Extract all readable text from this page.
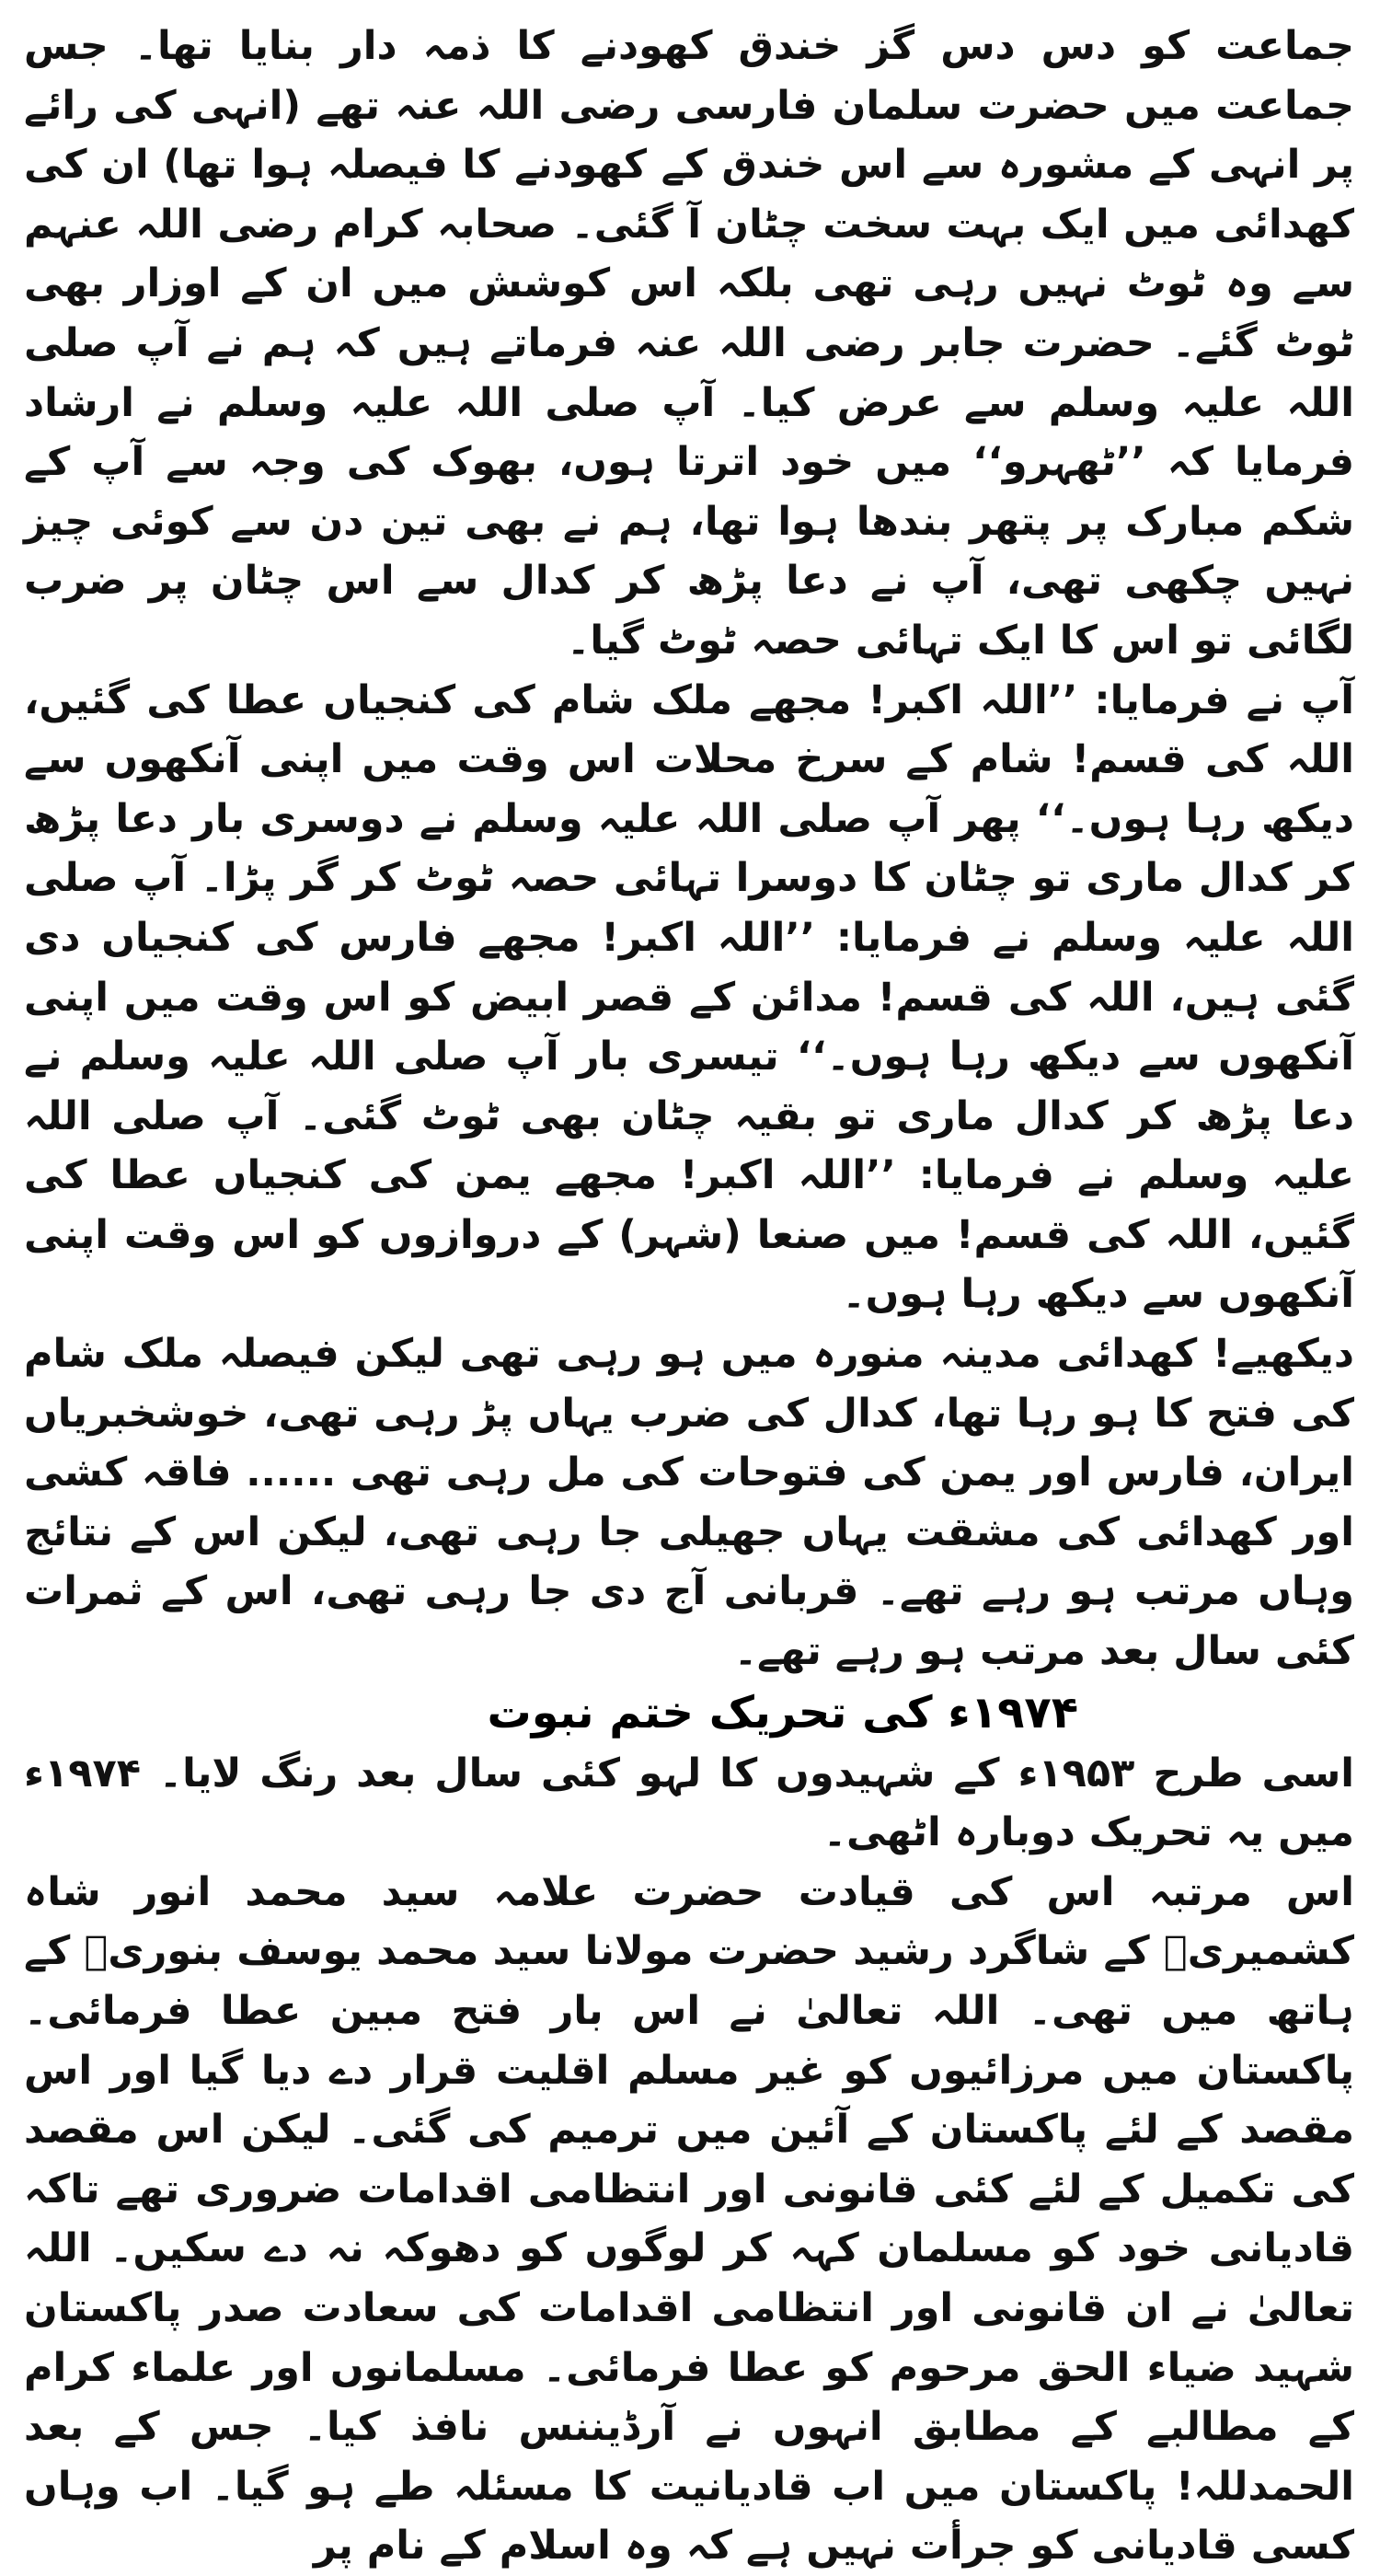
جماعت کو دس دس گز خندق کھودنے کا ذمہ دار بنایا تھا۔ جس جماعت میں حضرت سلمان فارسی رضی اللہ عنہ تھے (انہی کی رائے پر انہی کے مشورہ سے اس خندق کے کھودنے کا فیصلہ ہوا تھا) ان کی کھدائی میں ایک بہت سخت چٹان آ گئی۔ صحابہ کرام رضی اللہ عنہم سے وہ ٹوٹ نہیں رہی تھی بلکہ اس کوشش میں ان کے اوزار بھی ٹوٹ گئے۔ حضرت جابر رضی اللہ عنہ فرماتے ہیں کہ ہم نے آپ صلی اللہ علیہ وسلم سے عرض کیا۔ آپ صلی اللہ علیہ وسلم نے ارشاد فرمایا کہ ’’ٹھہرو‘‘ میں خود اترتا ہوں، بھوک کی وجہ سے آپ کے شکم مبارک پر پتھر بندھا ہوا تھا، ہم نے بھی تین دن سے کوئی چیز نہیں چکھی تھی، آپ نے دعا پڑھ کر کدال سے اس چٹان پر ضرب لگائی تو اس کا ایک تہائی حصہ ٹوٹ گیا۔

آپ نے فرمایا: ’’اللہ اکبر! مجھے ملک شام کی کنجیاں عطا کی گئیں، اللہ کی قسم! شام کے سرخ محلات اس وقت میں اپنی آنکھوں سے دیکھ رہا ہوں۔‘‘ پھر آپ صلی اللہ علیہ وسلم نے دوسری بار دعا پڑھ کر کدال ماری تو چٹان کا دوسرا تہائی حصہ ٹوٹ کر گر پڑا۔ آپ صلی اللہ علیہ وسلم نے فرمایا: ’’اللہ اکبر! مجھے فارس کی کنجیاں دی گئی ہیں، اللہ کی قسم! مدائن کے قصر ابیض کو اس وقت میں اپنی آنکھوں سے دیکھ رہا ہوں۔‘‘ تیسری بار آپ صلی اللہ علیہ وسلم نے دعا پڑھ کر کدال ماری تو بقیہ چٹان بھی ٹوٹ گئی۔ آپ صلی اللہ علیہ وسلم نے فرمایا: ’’اللہ اکبر! مجھے یمن کی کنجیاں عطا کی گئیں، اللہ کی قسم! میں صنعا (شہر) کے دروازوں کو اس وقت اپنی آنکھوں سے دیکھ رہا ہوں۔

دیکھیے! کھدائی مدینہ منورہ میں ہو رہی تھی لیکن فیصلہ ملک شام کی فتح کا ہو رہا تھا، کدال کی ضرب یہاں پڑ رہی تھی، خوشخبریاں ایران، فارس اور یمن کی فتوحات کی مل رہی تھی ...... فاقہ کشی اور کھدائی کی مشقت یہاں جھیلی جا رہی تھی، لیکن اس کے نتائج وہاں مرتب ہو رہے تھے۔ قربانی آج دی جا رہی تھی، اس کے ثمرات کئی سال بعد مرتب ہو رہے تھے۔

۱۹۷۴ء کی تحریک ختم نبوت

اسی طرح ۱۹۵۳ء کے شہیدوں کا لہو کئی سال بعد رنگ لایا۔ ۱۹۷۴ء میں یہ تحریک دوبارہ اٹھی۔

اس مرتبہ اس کی قیادت حضرت علامہ سید محمد انور شاہ کشمیریؒ کے شاگرد رشید حضرت مولانا سید محمد یوسف بنوریؒ کے ہاتھ میں تھی۔ اللہ تعالیٰ نے اس بار فتح مبین عطا فرمائی۔ پاکستان میں مرزائیوں کو غیر مسلم اقلیت قرار دے دیا گیا اور اس مقصد کے لئے پاکستان کے آئین میں ترمیم کی گئی۔ لیکن اس مقصد کی تکمیل کے لئے کئی قانونی اور انتظامی اقدامات ضروری تھے تاکہ قادیانی خود کو مسلمان کہہ کر لوگوں کو دھوکہ نہ دے سکیں۔ اللہ تعالیٰ نے ان قانونی اور انتظامی اقدامات کی سعادت صدر پاکستان شہید ضیاء الحق مرحوم کو عطا فرمائی۔ مسلمانوں اور علماء کرام کے مطالبے کے مطابق انہوں نے آرڈیننس نافذ کیا۔ جس کے بعد الحمدللہ! پاکستان میں اب قادیانیت کا مسئلہ طے ہو گیا۔ اب وہاں کسی قادیانی کو جرأت نہیں ہے کہ وہ اسلام کے نام پر
